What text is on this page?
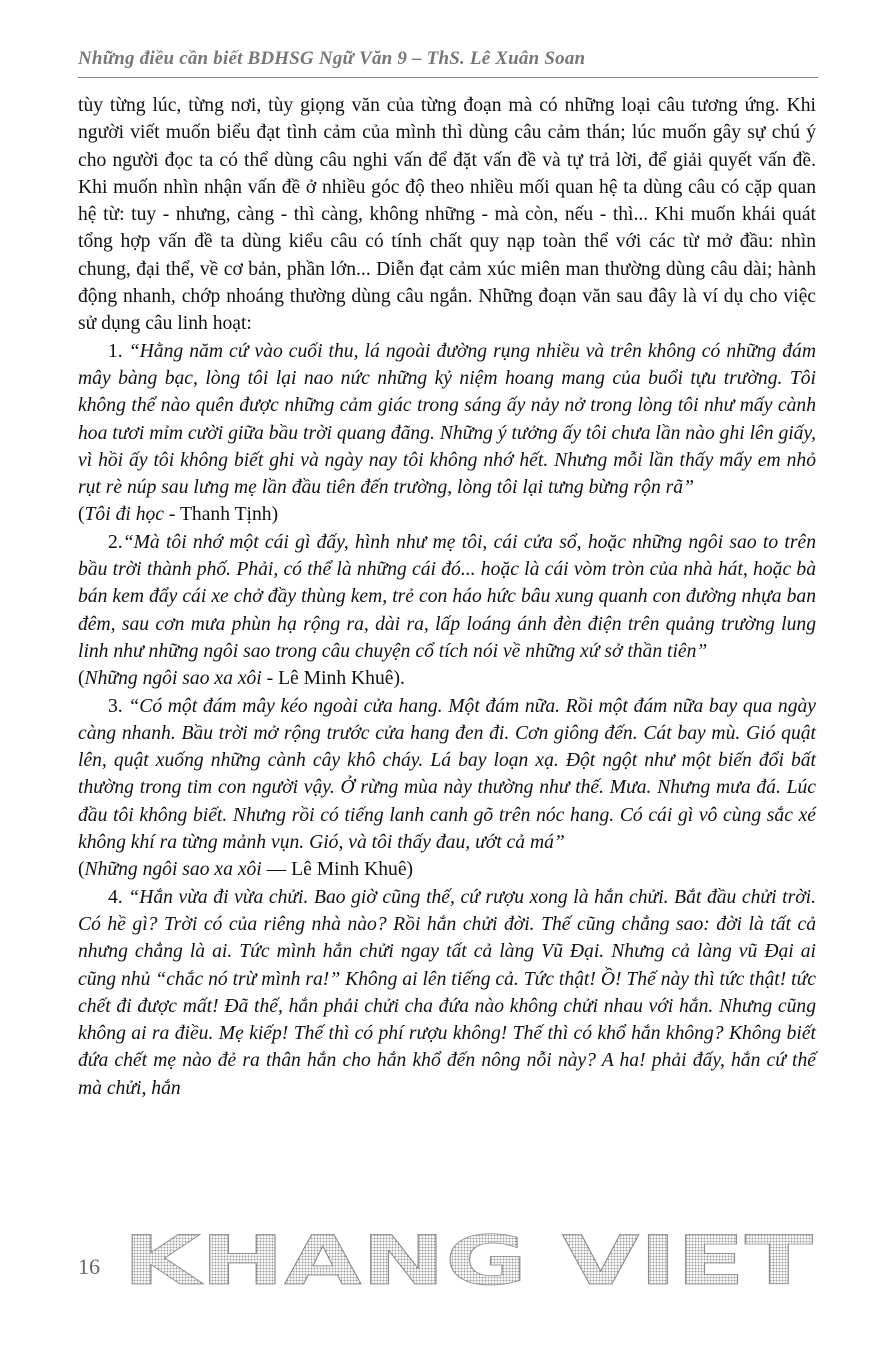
Những điều cần biết BDHSG Ngữ Văn 9 – ThS. Lê Xuân Soan

tùy từng lúc, từng nơi, tùy giọng văn của từng đoạn mà có những loại câu tương ứng. Khi người viết muốn biểu đạt tình cảm của mình thì dùng câu cảm thán; lúc muốn gây sự chú ý cho người đọc ta có thể dùng câu nghi vấn để đặt vấn đề và tự trả lời, để giải quyết vấn đề. Khi muốn nhìn nhận vấn đề ở nhiều góc độ theo nhiều mối quan hệ ta dùng câu có cặp quan hệ từ: tuy - nhưng, càng - thì càng, không những - mà còn, nếu - thì... Khi muốn khái quát tổng hợp vấn đề ta dùng kiểu câu có tính chất quy nạp toàn thể với các từ mở đầu: nhìn chung, đại thể, về cơ bản, phần lớn... Diễn đạt cảm xúc miên man thường dùng câu dài; hành động nhanh, chớp nhoáng thường dùng câu ngắn. Những đoạn văn sau đây là ví dụ cho việc sử dụng câu linh hoạt:

1. “Hằng năm cứ vào cuối thu, lá ngoài đường rụng nhiều và trên không có những đám mây bàng bạc, lòng tôi lại nao nức những kỷ niệm hoang mang của buổi tựu trường. Tôi không thể nào quên được những cảm giác trong sáng ấy nảy nở trong lòng tôi như mấy cành hoa tươi mỉm cười giữa bầu trời quang đãng. Những ý tưởng ấy tôi chưa lần nào ghi lên giấy, vì hồi ấy tôi không biết ghi và ngày nay tôi không nhớ hết. Nhưng mỗi lần thấy mấy em nhỏ rụt rè núp sau lưng mẹ lần đầu tiên đến trường, lòng tôi lại tưng bừng rộn rã”

(Tôi đi học - Thanh Tịnh)

2.“Mà tôi nhớ một cái gì đấy, hình như mẹ tôi, cái cửa sổ, hoặc những ngôi sao to trên bầu trời thành phố. Phải, có thể là những cái đó... hoặc là cái vòm tròn của nhà hát, hoặc bà bán kem đẩy cái xe chở đầy thùng kem, trẻ con háo hức bâu xung quanh con đường nhựa ban đêm, sau cơn mưa phùn hạ rộng ra, dài ra, lấp loáng ánh đèn điện trên quảng trường lung linh như những ngôi sao trong câu chuyện cổ tích nói về những xứ sở thần tiên”

(Những ngôi sao xa xôi - Lê Minh Khuê).

3. “Có một đám mây kéo ngoài cửa hang. Một đám nữa. Rồi một đám nữa bay qua ngày càng nhanh. Bầu trời mở rộng trước cửa hang đen đi. Cơn giông đến. Cát bay mù. Gió quật lên, quật xuống những cành cây khô cháy. Lá bay loạn xạ. Đột ngột như một biến đổi bất thường trong tim con người vậy. Ở rừng mùa này thường như thế. Mưa. Nhưng mưa đá. Lúc đầu tôi không biết. Nhưng rồi có tiếng lanh canh gõ trên nóc hang. Có cái gì vô cùng sắc xé không khí ra từng mảnh vụn. Gió, và tôi thấy đau, ướt cả má”

(Những ngôi sao xa xôi — Lê Minh Khuê)

4. “Hắn vừa đi vừa chửi. Bao giờ cũng thế, cứ rượu xong là hắn chửi. Bắt đầu chửi trời. Có hề gì? Trời có của riêng nhà nào? Rồi hắn chửi đời. Thế cũng chẳng sao: đời là tất cả nhưng chẳng là ai. Tức mình hắn chửi ngay tất cả làng Vũ Đại. Nhưng cả làng vũ Đại ai cũng nhủ “chắc nó trừ mình ra!” Không ai lên tiếng cả. Tức thật! Ồ! Thế này thì tức thật! tức chết đi được mất! Đã thế, hắn phải chửi cha đứa nào không chửi nhau với hắn. Nhưng cũng không ai ra điều. Mẹ kiếp! Thế thì có phí rượu không! Thế thì có khổ hắn không? Không biết đứa chết mẹ nào đẻ ra thân hắn cho hắn khổ đến nông nỗi này? A ha! phải đấy, hắn cứ thế mà chửi, hắn

KHANG VIET
16
